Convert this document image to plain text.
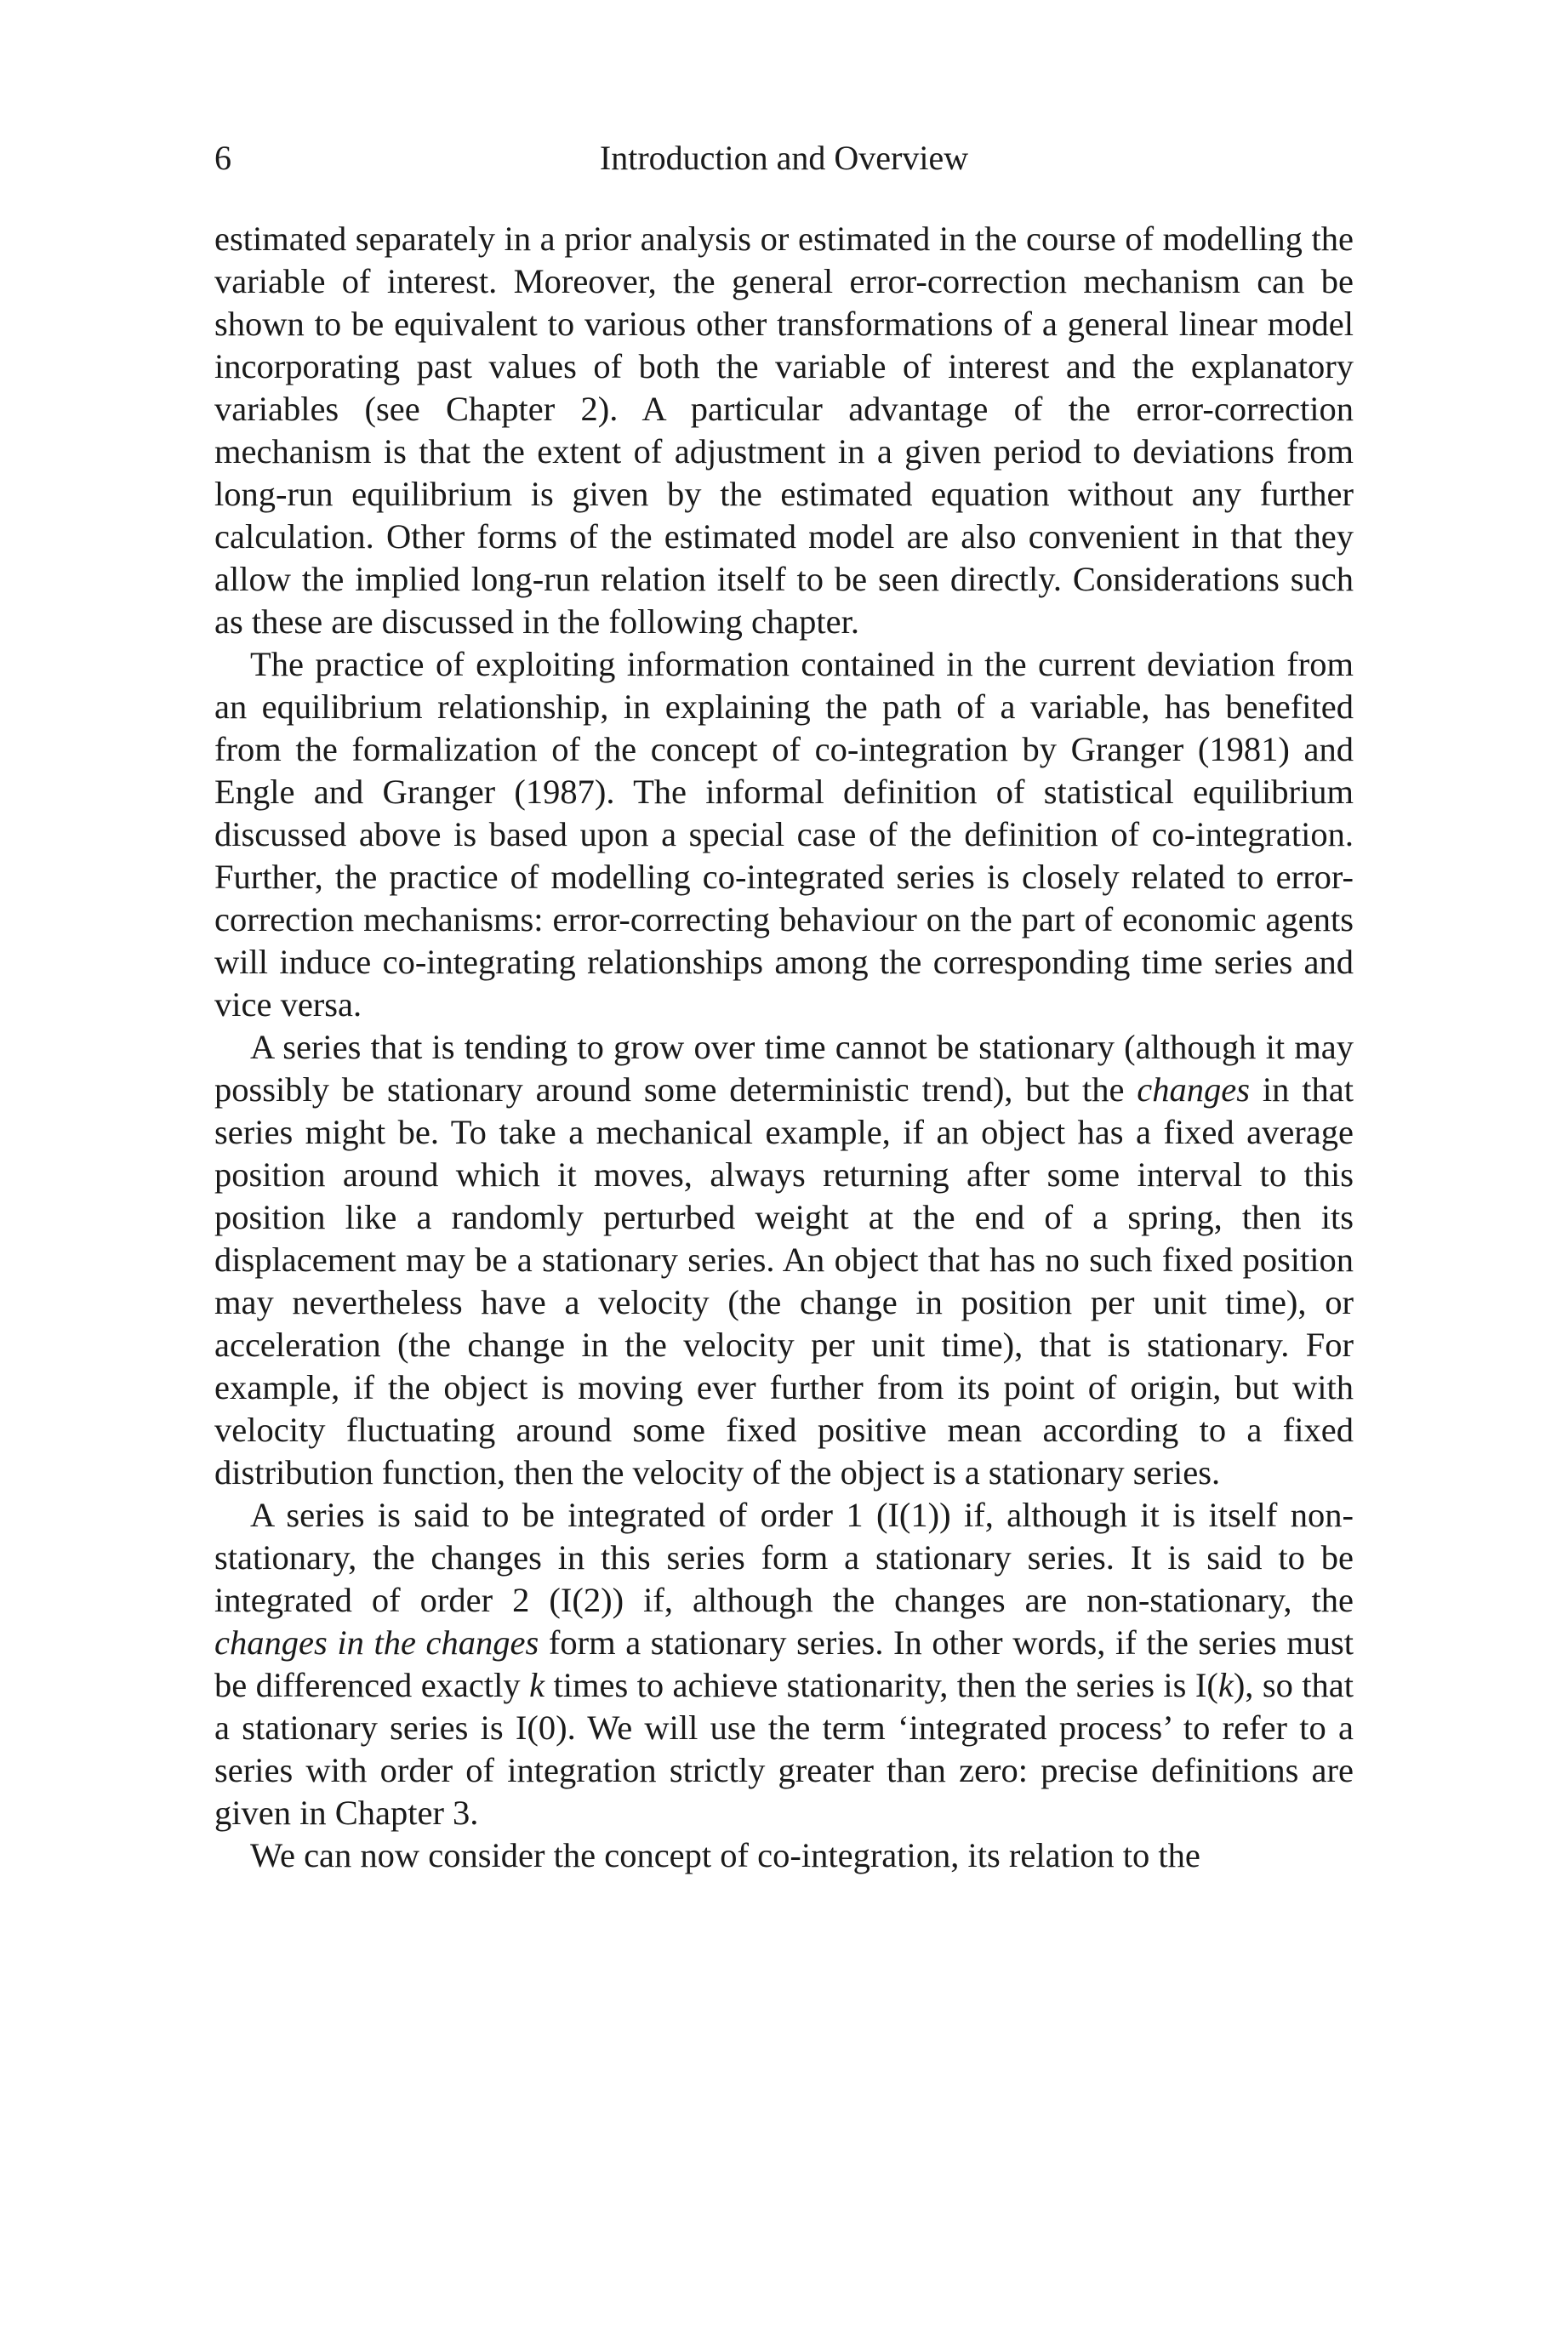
6	Introduction and Overview

estimated separately in a prior analysis or estimated in the course of modelling the variable of interest. Moreover, the general error-correction mechanism can be shown to be equivalent to various other transformations of a general linear model incorporating past values of both the variable of interest and the explanatory variables (see Chapter 2). A particular advantage of the error-correction mechanism is that the extent of adjustment in a given period to deviations from long-run equilibrium is given by the estimated equation without any further calculation. Other forms of the estimated model are also convenient in that they allow the implied long-run relation itself to be seen directly. Considerations such as these are discussed in the following chapter.

The practice of exploiting information contained in the current deviation from an equilibrium relationship, in explaining the path of a variable, has benefited from the formalization of the concept of co-integration by Granger (1981) and Engle and Granger (1987). The informal definition of statistical equilibrium discussed above is based upon a special case of the definition of co-integration. Further, the practice of modelling co-integrated series is closely related to error-correction mechanisms: error-correcting behaviour on the part of economic agents will induce co-integrating relationships among the corresponding time series and vice versa.

A series that is tending to grow over time cannot be stationary (although it may possibly be stationary around some deterministic trend), but the changes in that series might be. To take a mechanical example, if an object has a fixed average position around which it moves, always returning after some interval to this position like a randomly perturbed weight at the end of a spring, then its displacement may be a stationary series. An object that has no such fixed position may nevertheless have a velocity (the change in position per unit time), or acceleration (the change in the velocity per unit time), that is stationary. For example, if the object is moving ever further from its point of origin, but with velocity fluctuating around some fixed positive mean according to a fixed distribution function, then the velocity of the object is a stationary series.

A series is said to be integrated of order 1 (I(1)) if, although it is itself non-stationary, the changes in this series form a stationary series. It is said to be integrated of order 2 (I(2)) if, although the changes are non-stationary, the changes in the changes form a stationary series. In other words, if the series must be differenced exactly k times to achieve stationarity, then the series is I(k), so that a stationary series is I(0). We will use the term ‘integrated process’ to refer to a series with order of integration strictly greater than zero: precise definitions are given in Chapter 3.

We can now consider the concept of co-integration, its relation to the
